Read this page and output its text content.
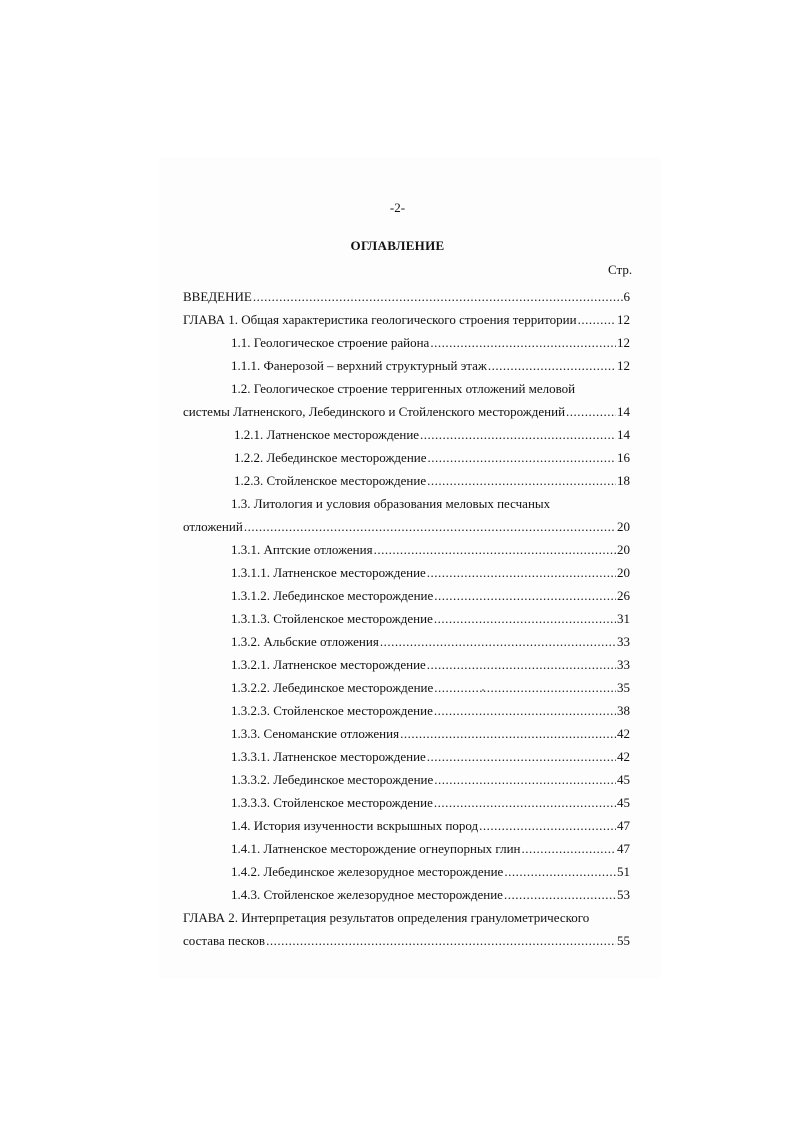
-2-
ОГЛАВЛЕНИЕ
Стр.
ВВЕДЕНИЕ .....	6
ГЛАВА 1. Общая характеристика геологического строения территории .....	12
1.1. Геологическое строение района .....	12
1.1.1. Фанерозой – верхний структурный этаж .....	12
1.2. Геологическое строение терригенных отложений меловой
системы Латненского, Лебединского и Стойленского месторождений .....	14
1.2.1. Латненское месторождение .....	14
1.2.2. Лебединское месторождение .....	16
1.2.3. Стойленское месторождение .....	18
1.3. Литология и условия образования меловых песчаных
отложений .....	20
1.3.1. Аптские отложения .....	20
1.3.1.1. Латненское месторождение .....	20
1.3.1.2. Лебединское месторождение .....	26
1.3.1.3. Стойленское месторождение .....	31
1.3.2. Альбские отложения .....	33
1.3.2.1. Латненское месторождение .....	33
1.3.2.2. Лебединское месторождение .....	35
1.3.2.3. Стойленское месторождение .....	38
1.3.3. Сеноманские отложения .....	42
1.3.3.1. Латненское месторождение .....	42
1.3.3.2. Лебединское месторождение .....	45
1.3.3.3. Стойленское месторождение .....	45
1.4. История изученности вскрышных пород .....	47
1.4.1. Латненское месторождение огнеупорных глин .....	47
1.4.2. Лебединское железорудное месторождение .....	51
1.4.3. Стойленское железорудное месторождение .....	53
ГЛАВА 2. Интерпретация результатов определения гранулометрического
состава песков .....	55
